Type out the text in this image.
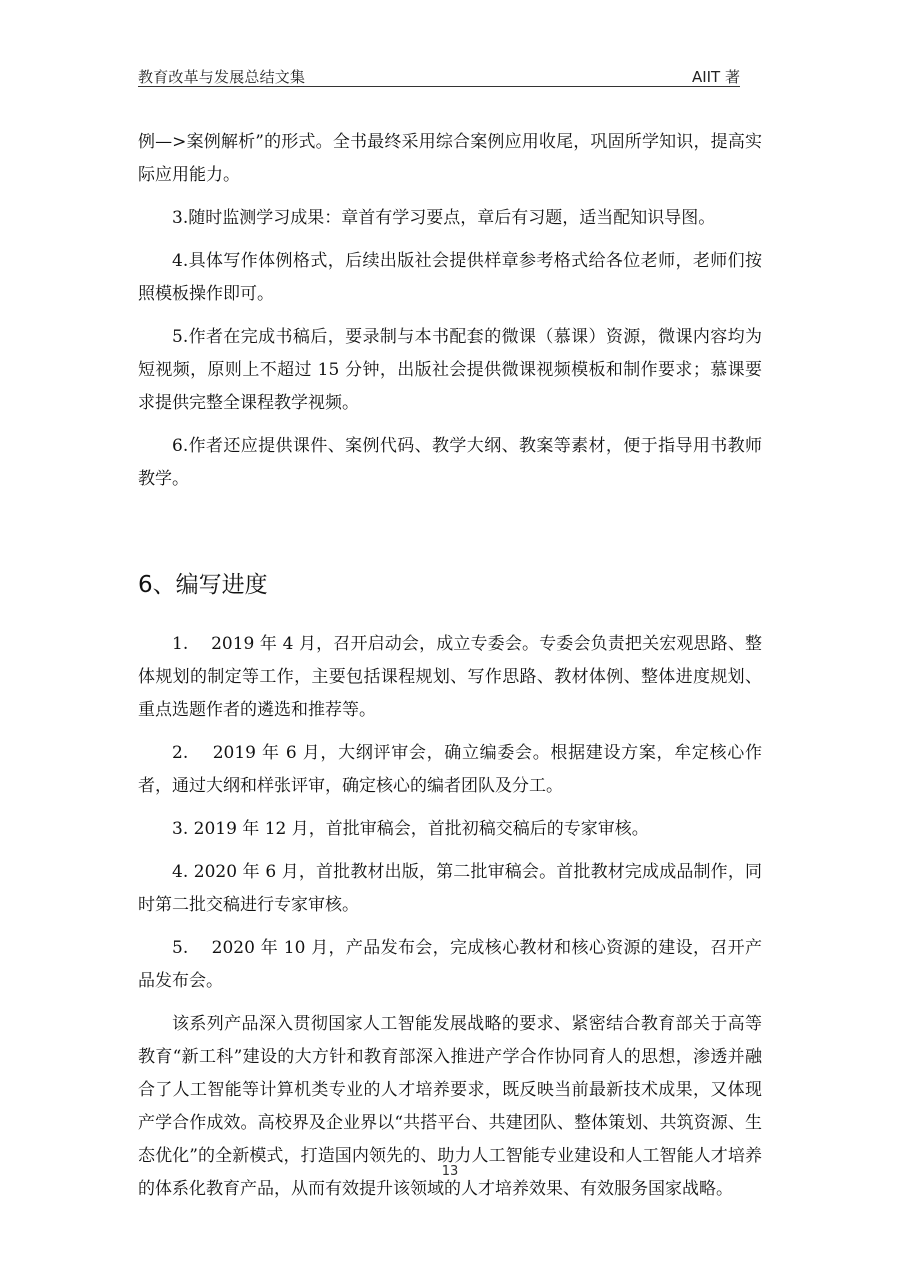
教育改革与发展总结文集	AIIT 著

例—>案例解析”的形式。全书最终采用综合案例应用收尾，巩固所学知识，提高实际应用能力。

3.随时监测学习成果：章首有学习要点，章后有习题，适当配知识导图。

4.具体写作体例格式，后续出版社会提供样章参考格式给各位老师，老师们按照模板操作即可。

5.作者在完成书稿后，要录制与本书配套的微课（慕课）资源，微课内容均为短视频，原则上不超过 15 分钟，出版社会提供微课视频模板和制作要求；慕课要求提供完整全课程教学视频。

6.作者还应提供课件、案例代码、教学大纲、教案等素材，便于指导用书教师教学。

6、编写进度

1.　 2019 年 4 月，召开启动会，成立专委会。专委会负责把关宏观思路、整体规划的制定等工作，主要包括课程规划、写作思路、教材体例、整体进度规划、重点选题作者的遴选和推荐等。

2.　 2019 年 6 月，大纲评审会，确立编委会。根据建设方案，牟定核心作者，通过大纲和样张评审，确定核心的编者团队及分工。

3. 2019 年 12 月，首批审稿会，首批初稿交稿后的专家审核。

4. 2020 年 6 月，首批教材出版，第二批审稿会。首批教材完成成品制作，同时第二批交稿进行专家审核。

5.　 2020 年 10 月，产品发布会，完成核心教材和核心资源的建设，召开产品发布会。

该系列产品深入贯彻国家人工智能发展战略的要求、紧密结合教育部关于高等教育“新工科”建设的大方针和教育部深入推进产学合作协同育人的思想，渗透并融合了人工智能等计算机类专业的人才培养要求，既反映当前最新技术成果，又体现产学合作成效。高校界及企业界以“共搭平台、共建团队、整体策划、共筑资源、生态优化”的全新模式，打造国内领先的、助力人工智能专业建设和人工智能人才培养的体系化教育产品，从而有效提升该领域的人才培养效果、有效服务国家战略。

13
